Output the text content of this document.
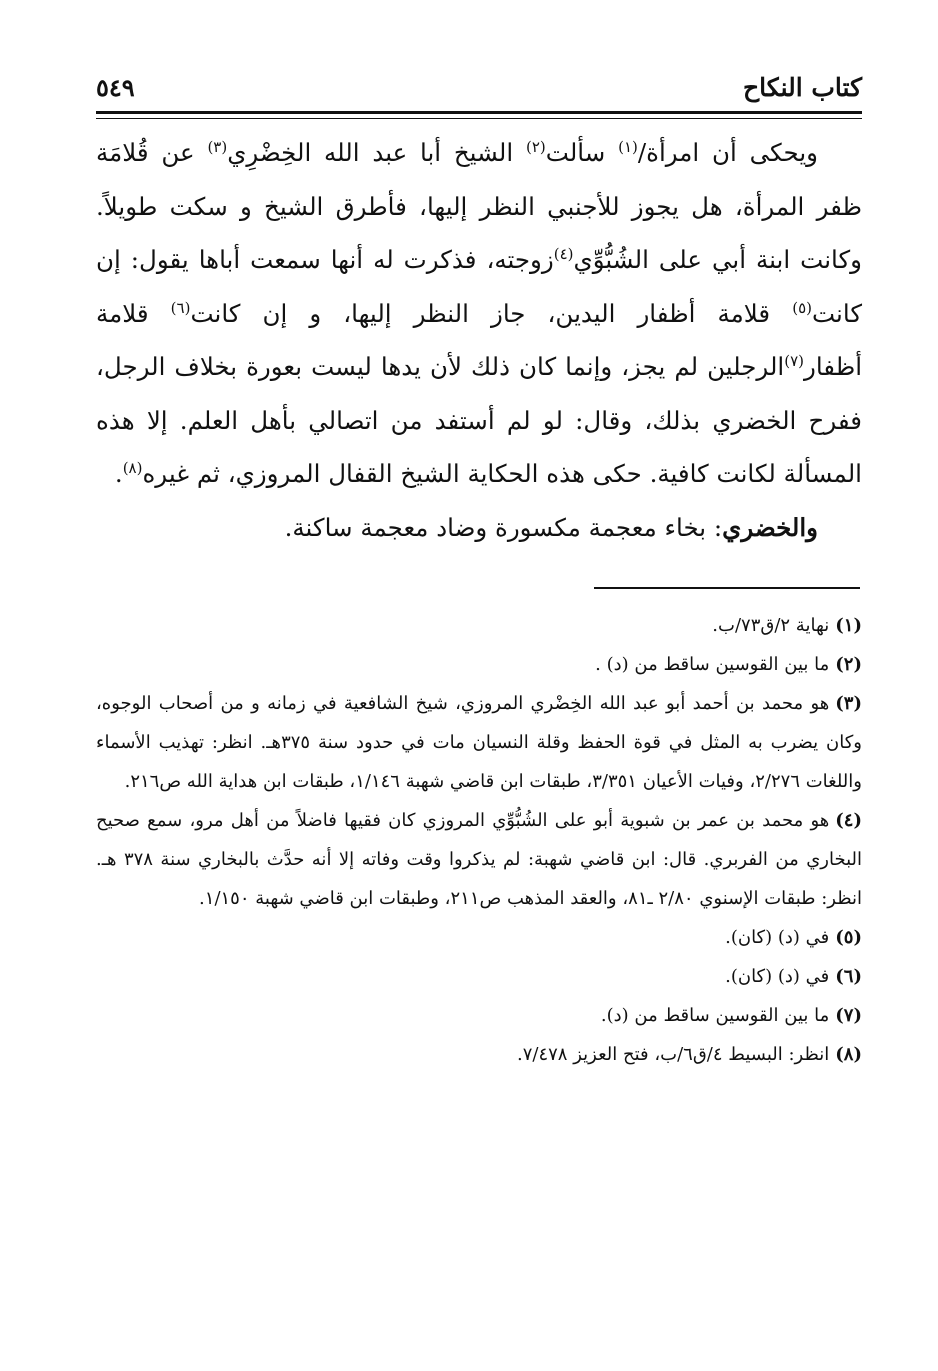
كتاب النكاح
٥٤٩

ويحكى أن امرأة/$^{(١)}$ سألت$^{(٢)}$ الشيخ أبا عبد الله الخِضْرِي$^{(٣)}$ عن قُلامَة ظفر المرأة، هل يجوز للأجنبي النظر إليها، فأطرق الشيخ و سكت طويلاً. وكانت ابنة أبي على الشُبُّوِّي$^{(٤)}$زوجته، فذكرت له أنها سمعت أباها يقول: إن كانت$^{(٥)}$ قلامة أظفار اليدين، جاز النظر إليها، و إن كانت$^{(٦)}$ قلامة أظفار$^{(٧)}$الرجلين لم يجز، وإنما كان ذلك لأن يدها ليست بعورة بخلاف الرجل، ففرح الخضري بذلك، وقال: لو لم أستفد من اتصالي بأهل العلم. إلا هذه المسألة لكانت كافية. حكى هذه الحكاية الشيخ القفال المروزي، ثم غيره$^{(٨)}$.

والخضري: بخاء معجمة مكسورة وضاد معجمة ساكنة.

(١)نهاية ٢/ق٧٣/ب.

(٢)ما بين القوسين ساقط من (د) .

(٣)هو محمد بن أحمد أبو عبد الله الخِضْري المروزي، شيخ الشافعية في زمانه و من أصحاب الوجوه، وكان يضرب به المثل في قوة الحفظ وقلة النسيان مات في حدود سنة ٣٧٥هـ. انظر: تهذيب الأسماء واللغات ٢/٢٧٦، وفيات الأعيان ٣/٣٥١، طبقات ابن قاضي شهبة ١/١٤٦، طبقات ابن هداية الله ص٢١٦.

(٤)هو محمد بن عمر بن شبوية أبو على الشُبُّوِّي المروزي كان فقيها فاضلاً من أهل مرو، سمع صحيح البخاري من الفربري. قال: ابن قاضي شهبة: لم يذكروا وقت وفاته إلا أنه حدَّث بالبخاري سنة ٣٧٨ هـ. انظر: طبقات الإسنوي ٢/٨٠ ـ٨١، والعقد المذهب ص٢١١، وطبقات ابن قاضي شهبة ١/١٥٠.

(٥)في (د) (كان).

(٦)في (د) (كان).

(٧)ما بين القوسين ساقط من (د).

(٨)انظر: البسيط ٤/ق٦/ب، فتح العزيز ٧/٤٧٨.
